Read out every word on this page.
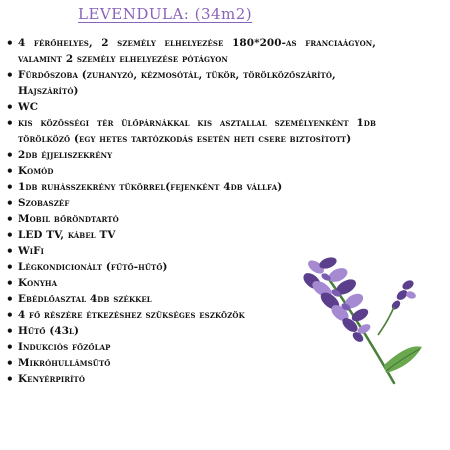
LEVENDULA: (34m2)
• 4 férőhelyes, 2 személy elhelyezése 180*200-as franciaágyon, valamint 2 személy elhelyezése pótágyon
• Fürdőszoba (zuhanyzó, kézmosótál, tükör, törölközőszárító, Hajszárító)
• WC
• kis közösségi tér ülőpárnákkal kis asztallal személyenként 1db törölköző (egy hetes tartózkodás esetén heti csere biztosított)
• 2db éjjeliszekrény
• Komód
• 1db ruhásszekrény tükörrel(fejenként 4db vállfa)
• Szobaszéf
• Mobil bőröndtartó
• LED TV, kábel TV
• WiFi
• Légkondicionált (fűtő-hűtő)
• Konyha
• Ebédlőasztal 4db székkel
• 4 fő részére étkezéshez szükséges eszközök
• Hűtő (43l)
• Indukciós főzőlap
• Mikróhullámsütő
• Kenyérpirító
